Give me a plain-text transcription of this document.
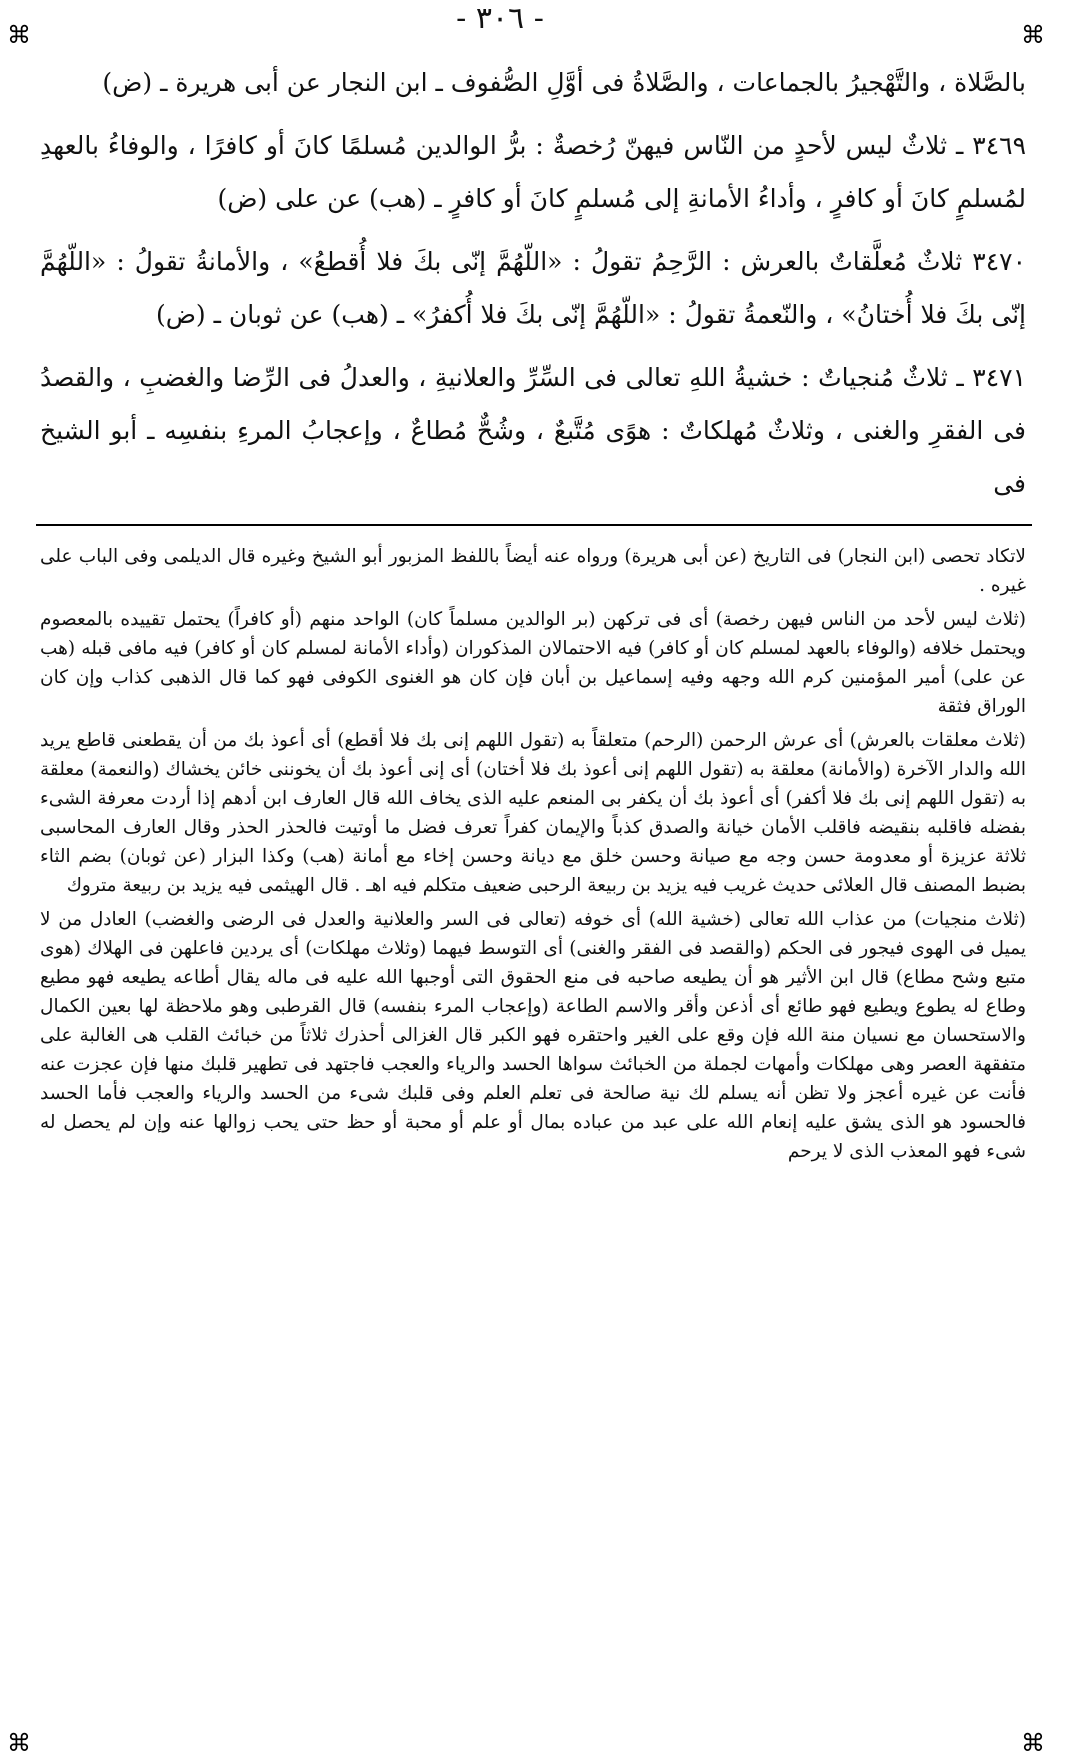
⌘	⌘
⌘	⌘
- ٣٠٦ -

بالصَّلاة ، والتَّهْجيرُ بالجماعات ، والصَّلاةُ فى أوَّلِ الصُّفوف ـ ابن النجار عن أبى هريرة ـ (ض)

٣٤٦٩ ـ ثلاثٌ ليس لأحدٍ من النّاس فيهنّ رُخصةٌ : برُّ الوالدين مُسلمًا كانَ أو كافرًا ، والوفاءُ بالعهدِ لمُسلمٍ كانَ أو كافرٍ ، وأداءُ الأمانةِ إلى مُسلمٍ كانَ أو كافرٍ ـ (هب) عن على (ض)

٣٤٧٠ ثلاثٌ مُعلَّقاتٌ بالعرش : الرَّحِمُ تقولُ : «اللّهُمَّ إنّى بكَ فلا أُقطعُ» ، والأمانةُ تقولُ : «اللّهُمَّ إنّى بكَ فلا أُختانُ» ، والنّعمةُ تقولُ : «اللّهُمَّ إنّى بكَ فلا أُكفرُ» ـ (هب) عن ثوبان ـ (ض)

٣٤٧١ ـ ثلاثٌ مُنجياتٌ : خشيةُ اللهِ تعالى فى السِّرِّ والعلانيةِ ، والعدلُ فى الرِّضا والغضبِ ، والقصدُ فى الفقرِ والغنى ، وثلاثٌ مُهلكاتٌ : هوًى مُتَّبعٌ ، وشُحٌّ مُطاعٌ ، وإعجابُ المرءِ بنفسِه ـ أبو الشيخ فى

لاتكاد تحصى (ابن النجار) فى التاريخ (عن أبى هريرة) ورواه عنه أيضاً باللفظ المزبور أبو الشيخ وغيره قال الديلمى وفى الباب على غيره .

(ثلاث ليس لأحد من الناس فيهن رخصة) أى فى تركهن (بر الوالدين مسلماً كان) الواحد منهم (أو كافراً) يحتمل تقييده بالمعصوم ويحتمل خلافه (والوفاء بالعهد لمسلم كان أو كافر) فيه الاحتمالان المذكوران (وأداء الأمانة لمسلم كان أو كافر) فيه مافى قبله (هب عن على) أمير المؤمنين كرم الله وجهه وفيه إسماعيل بن أبان فإن كان هو الغنوى الكوفى فهو كما قال الذهبى كذاب وإن كان الوراق فثقة

(ثلاث معلقات بالعرش) أى عرش الرحمن (الرحم) متعلقاً به (تقول اللهم إنى بك فلا أقطع) أى أعوذ بك من أن يقطعنى قاطع يريد الله والدار الآخرة (والأمانة) معلقة به (تقول اللهم إنى أعوذ بك فلا أختان) أى إنى أعوذ بك أن يخوننى خائن يخشاك (والنعمة) معلقة به (تقول اللهم إنى بك فلا أكفر) أى أعوذ بك أن يكفر بى المنعم عليه الذى يخاف الله قال العارف ابن أدهم إذا أردت معرفة الشىء بفضله فاقلبه بنقيضه فاقلب الأمان خيانة والصدق كذباً والإيمان كفراً تعرف فضل ما أوتيت فالحذر الحذر وقال العارف المحاسبى ثلاثة عزيزة أو معدومة حسن وجه مع صيانة وحسن خلق مع ديانة وحسن إخاء مع أمانة (هب) وكذا البزار (عن ثوبان) بضم الثاء بضبط المصنف قال العلائى حديث غريب فيه يزيد بن ربيعة الرحبى ضعيف متكلم فيه اهـ . قال الهيثمى فيه يزيد بن ربيعة متروك

(ثلاث منجيات) من عذاب الله تعالى (خشية الله) أى خوفه (تعالى فى السر والعلانية والعدل فى الرضى والغضب) العادل من لا يميل فى الهوى فيجور فى الحكم (والقصد فى الفقر والغنى) أى التوسط فيهما (وثلاث مهلكات) أى يردين فاعلهن فى الهلاك (هوى متبع وشح مطاع) قال ابن الأثير هو أن يطيعه صاحبه فى منع الحقوق التى أوجبها الله عليه فى ماله يقال أطاعه يطيعه فهو مطيع وطاع له يطوع ويطيع فهو طائع أى أذعن وأقر والاسم الطاعة (وإعجاب المرء بنفسه) قال القرطبى وهو ملاحظة لها بعين الكمال والاستحسان مع نسيان منة الله فإن وقع على الغير واحتقره فهو الكبر قال الغزالى أحذرك ثلاثاً من خبائث القلب هى الغالبة على متفقهة العصر وهى مهلكات وأمهات لجملة من الخبائث سواها الحسد والرياء والعجب فاجتهد فى تطهير قلبك منها فإن عجزت عنه فأنت عن غيره أعجز ولا تظن أنه يسلم لك نية صالحة فى تعلم العلم وفى قلبك شىء من الحسد والرياء والعجب فأما الحسد فالحسود هو الذى يشق عليه إنعام الله على عبد من عباده بمال أو علم أو محبة أو حظ حتى يحب زوالها عنه وإن لم يحصل له شىء فهو المعذب الذى لا يرحم
